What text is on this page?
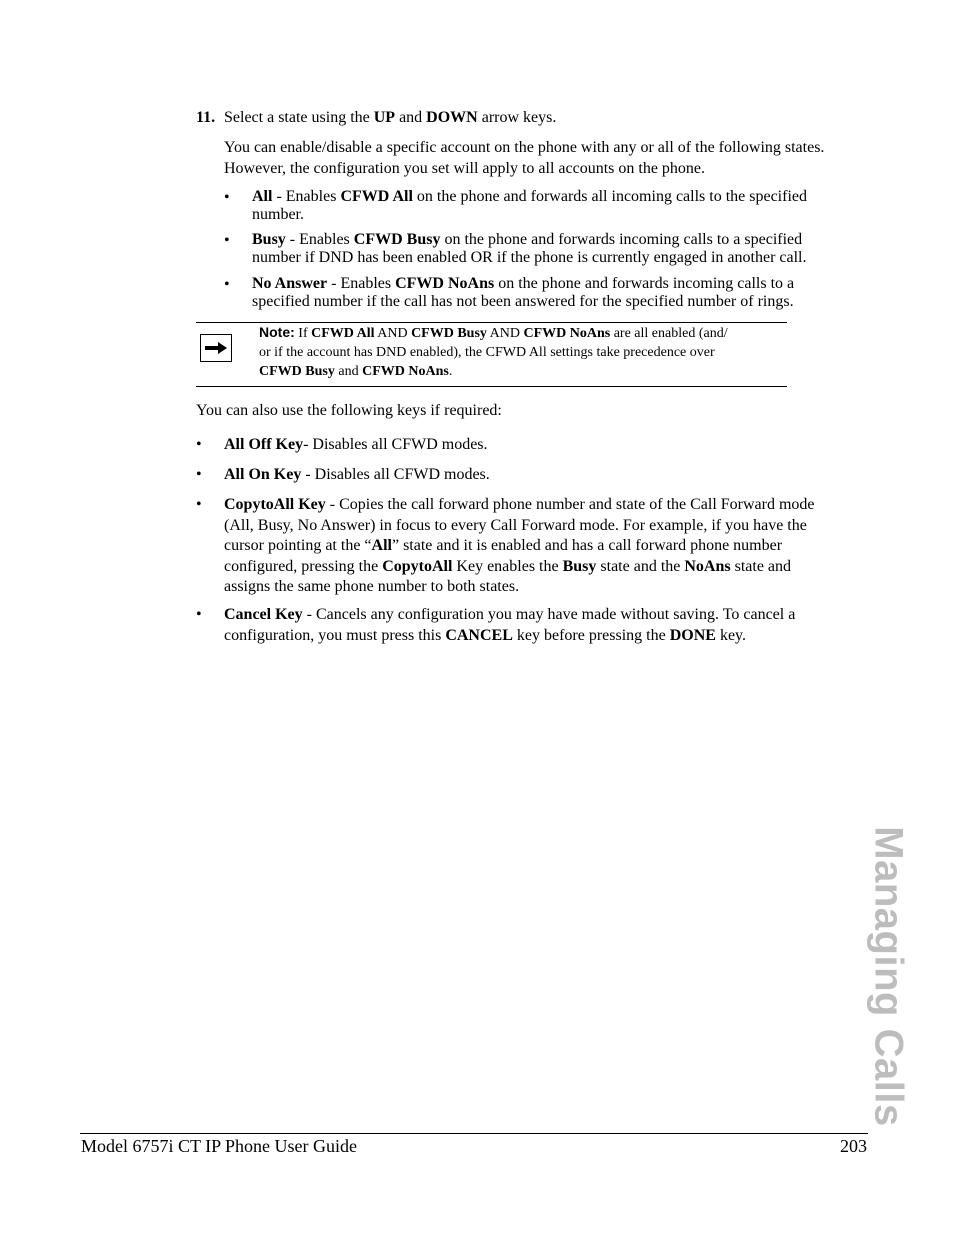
11. Select a state using the UP and DOWN arrow keys.
You can enable/disable a specific account on the phone with any or all of the following states.
However, the configuration you set will apply to all accounts on the phone.
• All - Enables CFWD All on the phone and forwards all incoming calls to the specified
number.
• Busy - Enables CFWD Busy on the phone and forwards incoming calls to a specified
number if DND has been enabled OR if the phone is currently engaged in another call.
• No Answer - Enables CFWD NoAns on the phone and forwards incoming calls to a
specified number if the call has not been answered for the specified number of rings.
Note: If CFWD All AND CFWD Busy AND CFWD NoAns are all enabled (and/
or if the account has DND enabled), the CFWD All settings take precedence over
CFWD Busy and CFWD NoAns.
You can also use the following keys if required:
• All Off Key- Disables all CFWD modes.
• All On Key - Disables all CFWD modes.
• CopytoAll Key - Copies the call forward phone number and state of the Call Forward mode
(All, Busy, No Answer) in focus to every Call Forward mode. For example, if you have the
cursor pointing at the “All” state and it is enabled and has a call forward phone number
configured, pressing the CopytoAll Key enables the Busy state and the NoAns state and
assigns the same phone number to both states.
• Cancel Key - Cancels any configuration you may have made without saving. To cancel a
configuration, you must press this CANCEL key before pressing the DONE key.
Managing Calls
Model 6757i CT IP Phone User Guide	203
